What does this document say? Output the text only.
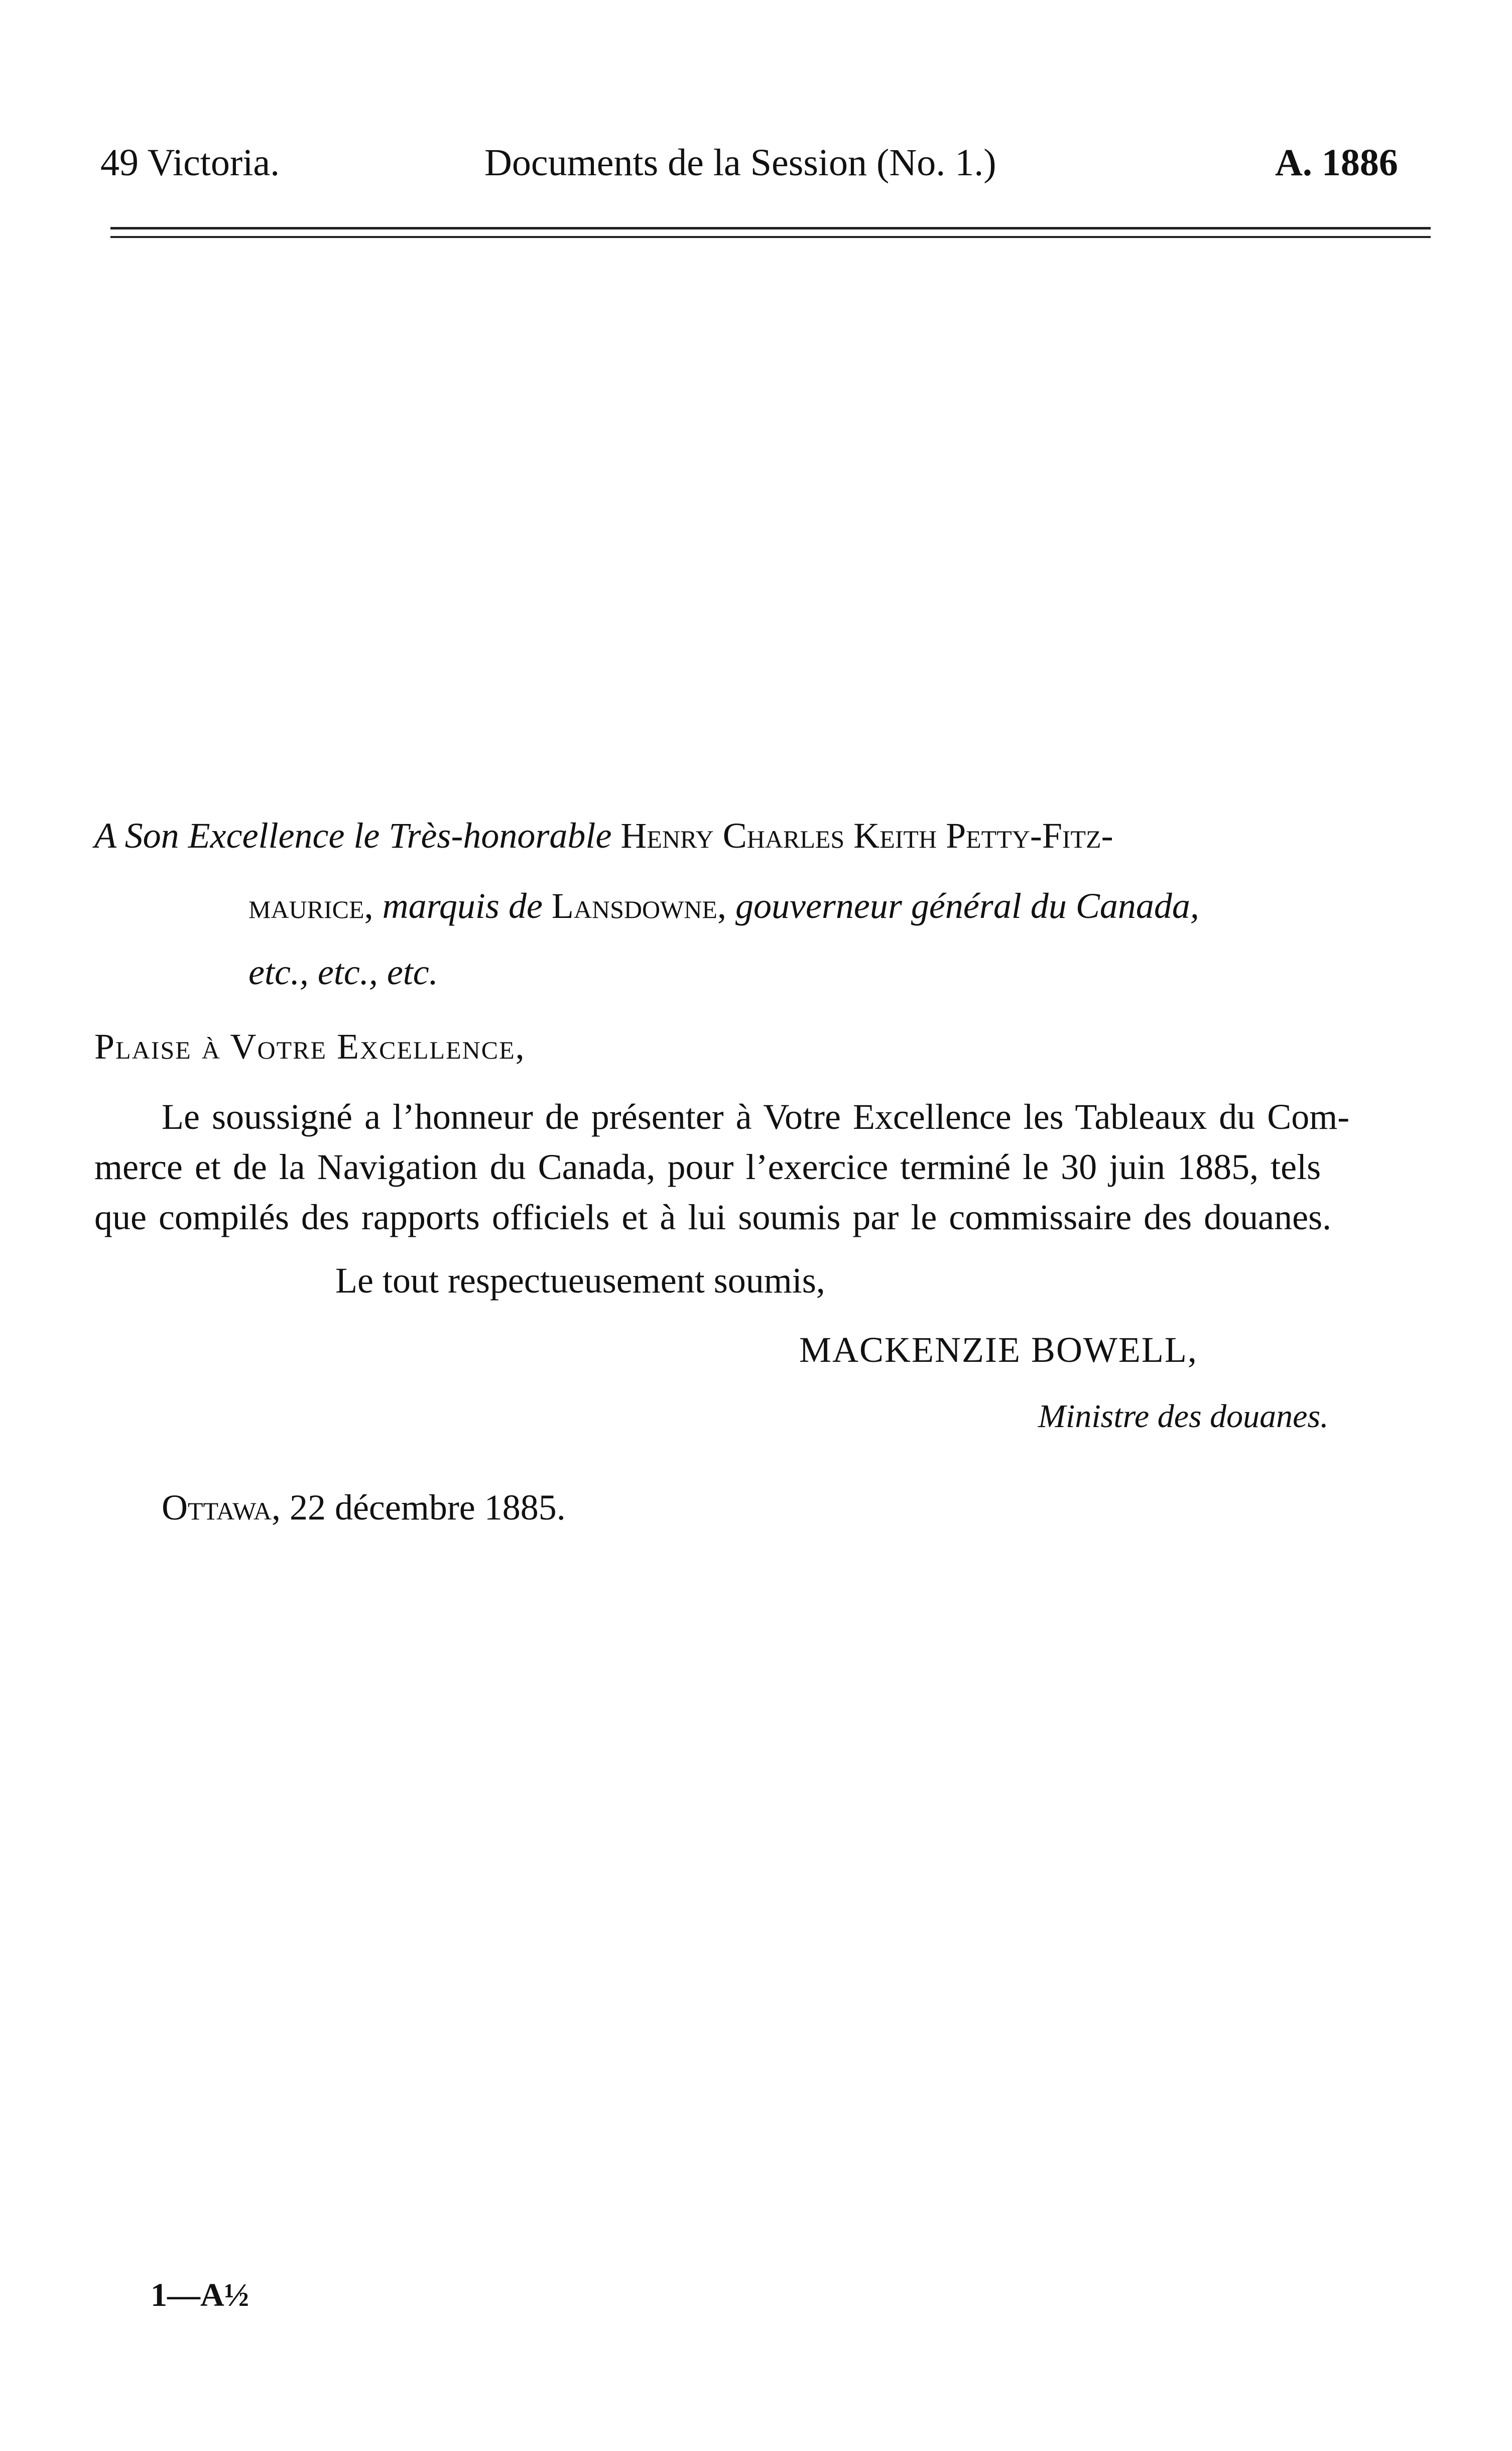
49 Victoria.	Documents de la Session (No. 1.)	A. 1886
A Son Excellence le Très-honorable Henry Charles Keith Petty-Fitz-
maurice, marquis de Lansdowne, gouverneur général du Canada,
etc., etc., etc.
Plaise à Votre Excellence,
Le soussigné a l’honneur de présenter à Votre Excellence les Tableaux du Com-
merce et de la Navigation du Canada, pour l’exercice terminé le 30 juin 1885, tels
que compilés des rapports officiels et à lui soumis par le commissaire des douanes.
Le tout respectueusement soumis,
MACKENZIE BOWELL,
Ministre des douanes.
Ottawa, 22 décembre 1885.
1—A½
